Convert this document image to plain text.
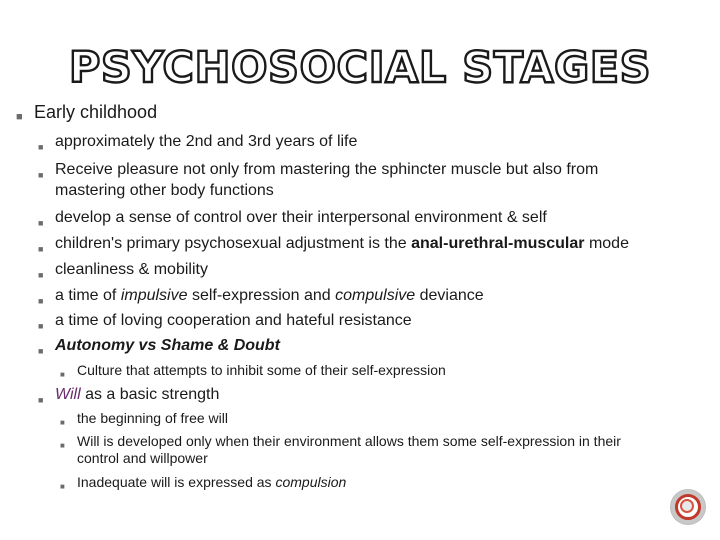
PSYCHOSOCIAL STAGES
■ Early childhood
■ approximately the 2nd and 3rd years of life
■ Receive pleasure not only from mastering the sphincter muscle but also from
mastering other body functions
■ develop a sense of control over their interpersonal environment & self
■ children's primary psychosexual adjustment is the anal-urethral-muscular mode
■ cleanliness & mobility
■ a time of impulsive self-expression and compulsive deviance
■ a time of loving cooperation and hateful resistance
■ Autonomy vs Shame & Doubt
■ Culture that attempts to inhibit some of their self-expression
■ Will as a basic strength
■ the beginning of free will
■ Will is developed only when their environment allows them some self-expression in their
control and willpower
■ Inadequate will is expressed as compulsion
